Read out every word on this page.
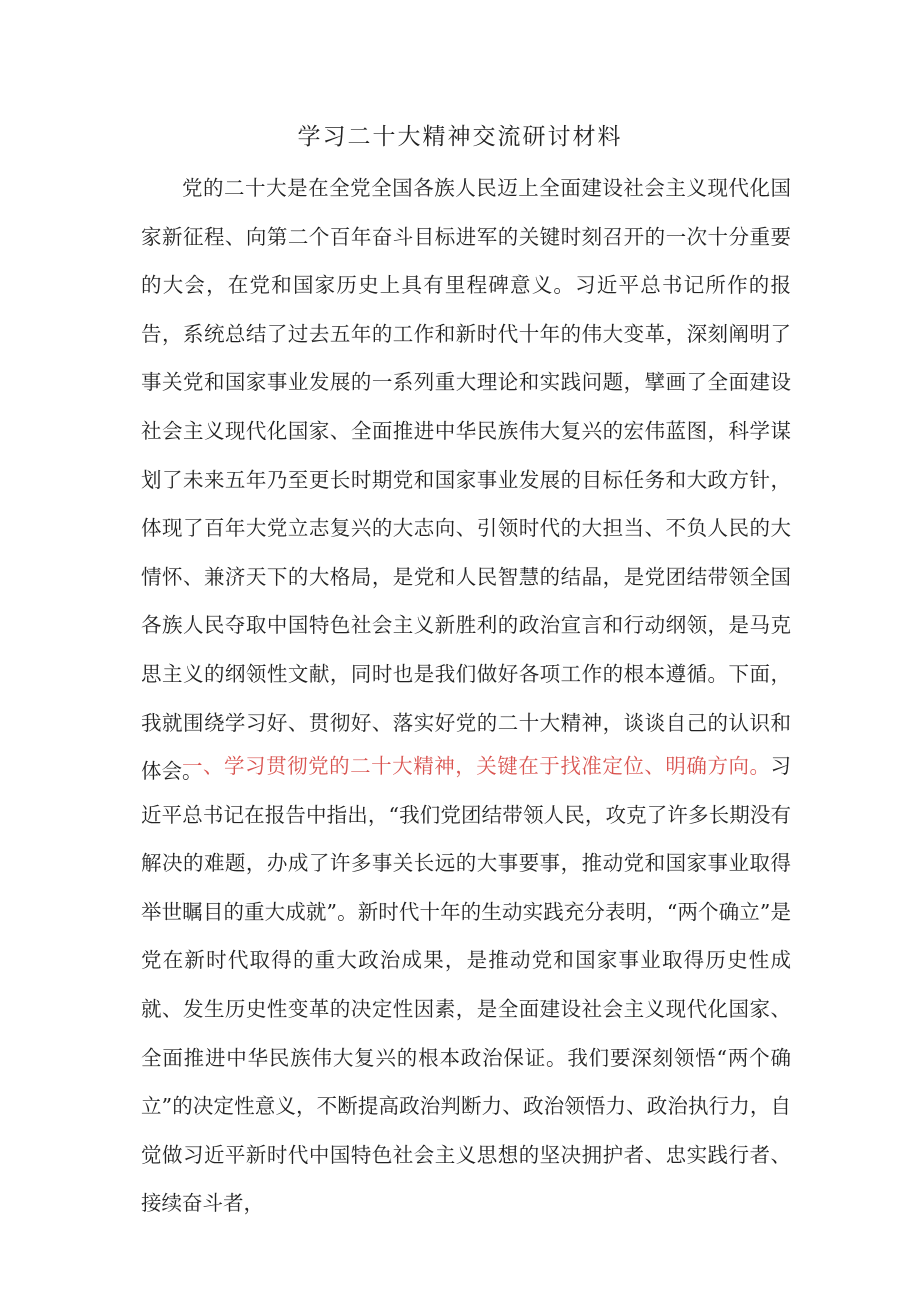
学习二十大精神交流研讨材料

党的二十大是在全党全国各族人民迈上全面建设社会主义现代化国家新征程、向第二个百年奋斗目标进军的关键时刻召开的一次十分重要的大会，在党和国家历史上具有里程碑意义。习近平总书记所作的报告，系统总结了过去五年的工作和新时代十年的伟大变革，深刻阐明了事关党和国家事业发展的一系列重大理论和实践问题，擘画了全面建设社会主义现代化国家、全面推进中华民族伟大复兴的宏伟蓝图，科学谋划了未来五年乃至更长时期党和国家事业发展的目标任务和大政方针，体现了百年大党立志复兴的大志向、引领时代的大担当、不负人民的大情怀、兼济天下的大格局，是党和人民智慧的结晶，是党团结带领全国各族人民夺取中国特色社会主义新胜利的政治宣言和行动纲领，是马克思主义的纲领性文献，同时也是我们做好各项工作的根本遵循。下面，我就围绕学习好、贯彻好、落实好党的二十大精神，谈谈自己的认识和体会。

一、学习贯彻党的二十大精神，关键在于找准定位、明确方向。习近平总书记在报告中指出，“我们党团结带领人民，攻克了许多长期没有解决的难题，办成了许多事关长远的大事要事，推动党和国家事业取得举世瞩目的重大成就”。新时代十年的生动实践充分表明，“两个确立”是党在新时代取得的重大政治成果，是推动党和国家事业取得历史性成就、发生历史性变革的决定性因素，是全面建设社会主义现代化国家、全面推进中华民族伟大复兴的根本政治保证。我们要深刻领悟“两个确立”的决定性意义，不断提高政治判断力、政治领悟力、政治执行力，自觉做习近平新时代中国特色社会主义思想的坚决拥护者、忠实践行者、接续奋斗者，
